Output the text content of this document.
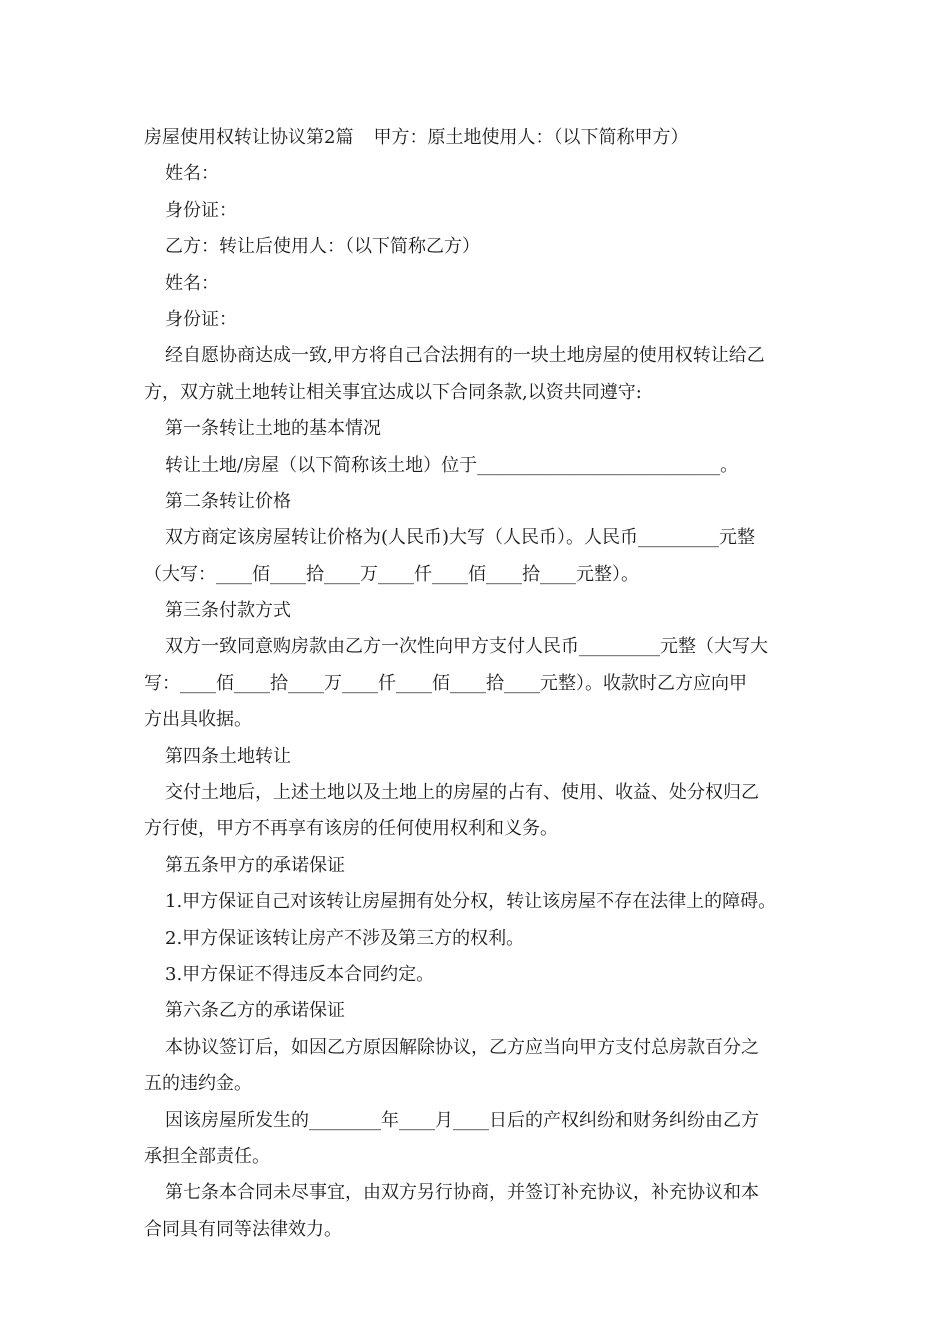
房屋使用权转让协议第2篇 甲方：原土地使用人：（以下简称甲方）
姓名：
身份证：
乙方：转让后使用人：（以下简称乙方）
姓名：
身份证：
经自愿协商达成一致,甲方将自己合法拥有的一块土地房屋的使用权转让给乙
方，双方就土地转让相关事宜达成以下合同条款,以资共同遵守:
第一条转让土地的基本情况
转让土地/房屋（以下简称该土地）位于___________________________。
第二条转让价格
双方商定该房屋转让价格为(人民币)大写（人民币）。人民币_________元整
（大写：____佰____拾____万____仟____佰____拾____元整）。
第三条付款方式
双方一致同意购房款由乙方一次性向甲方支付人民币_________元整（大写大
写：____佰____拾____万____仟____佰____拾____元整）。收款时乙方应向甲
方出具收据。
第四条土地转让
交付土地后，上述土地以及土地上的房屋的占有、使用、收益、处分权归乙
方行使，甲方不再享有该房的任何使用权利和义务。
第五条甲方的承诺保证
1.甲方保证自己对该转让房屋拥有处分权，转让该房屋不存在法律上的障碍。
2.甲方保证该转让房产不涉及第三方的权利。
3.甲方保证不得违反本合同约定。
第六条乙方的承诺保证
本协议签订后，如因乙方原因解除协议，乙方应当向甲方支付总房款百分之
五的违约金。
因该房屋所发生的________年____月____日后的产权纠纷和财务纠纷由乙方
承担全部责任。
第七条本合同未尽事宜，由双方另行协商，并签订补充协议，补充协议和本
合同具有同等法律效力。
